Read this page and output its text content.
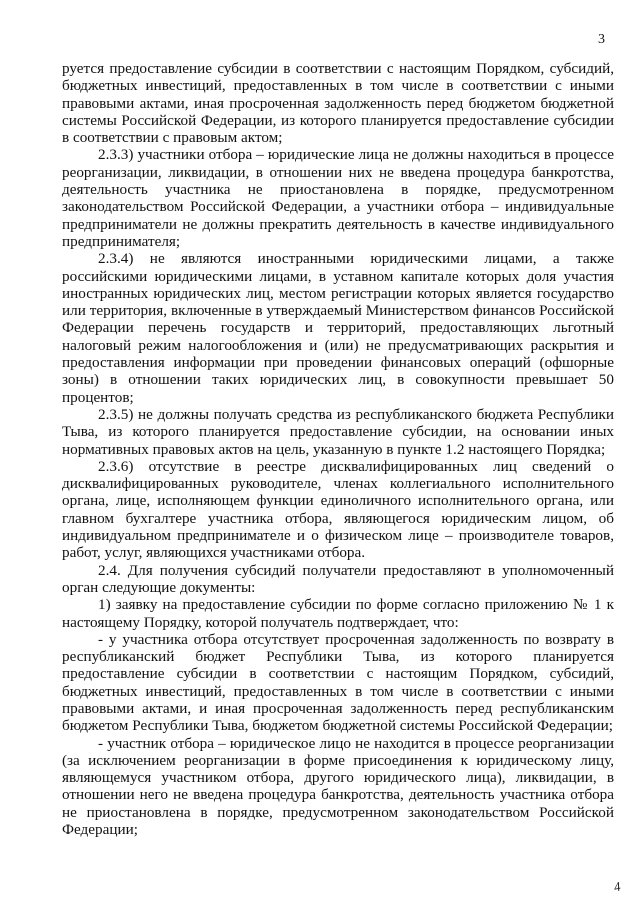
3

руется предоставление субсидии в соответствии с настоящим Порядком, субсидий, бюджетных инвестиций, предоставленных в том числе в соответствии с иными правовыми актами, иная просроченная задолженность перед бюджетом бюджетной системы Российской Федерации, из которого планируется предоставление субсидии в соответствии с правовым актом;

2.3.3) участники отбора – юридические лица не должны находиться в процессе реорганизации, ликвидации, в отношении них не введена процедура банкротства, деятельность участника не приостановлена в порядке, предусмотренном законодательством Российской Федерации, а участники отбора – индивидуальные предприниматели не должны прекратить деятельность в качестве индивидуального предпринимателя;

2.3.4) не являются иностранными юридическими лицами, а также российскими юридическими лицами, в уставном капитале которых доля участия иностранных юридических лиц, местом регистрации которых является государство или территория, включенные в утверждаемый Министерством финансов Российской Федерации перечень государств и территорий, предоставляющих льготный налоговый режим налогообложения и (или) не предусматривающих раскрытия и предоставления информации при проведении финансовых операций (офшорные зоны) в отношении таких юридических лиц, в совокупности превышает 50 процентов;

2.3.5) не должны получать средства из республиканского бюджета Республики Тыва, из которого планируется предоставление субсидии, на основании иных нормативных правовых актов на цель, указанную в пункте 1.2 настоящего Порядка;

2.3.6) отсутствие в реестре дисквалифицированных лиц сведений о дисквалифицированных руководителе, членах коллегиального исполнительного органа, лице, исполняющем функции единоличного исполнительного органа, или главном бухгалтере участника отбора, являющегося юридическим лицом, об индивидуальном предпринимателе и о физическом лице – производителе товаров, работ, услуг, являющихся участниками отбора.

2.4. Для получения субсидий получатели предоставляют в уполномоченный орган следующие документы:

1) заявку на предоставление субсидии по форме согласно приложению № 1 к настоящему Порядку, которой получатель подтверждает, что:

- у участника отбора отсутствует просроченная задолженность по возврату в республиканский бюджет Республики Тыва, из которого планируется предоставление субсидии в соответствии с настоящим Порядком, субсидий, бюджетных инвестиций, предоставленных в том числе в соответствии с иными правовыми актами, и иная просроченная задолженность перед республиканским бюджетом Республики Тыва, бюджетом бюджетной системы Российской Федерации;

- участник отбора – юридическое лицо не находится в процессе реорганизации (за исключением реорганизации в форме присоединения к юридическому лицу, являющемуся участником отбора, другого юридического лица), ликвидации, в отношении него не введена процедура банкротства, деятельность участника отбора не приостановлена в порядке, предусмотренном законодательством Российской Федерации;

4
